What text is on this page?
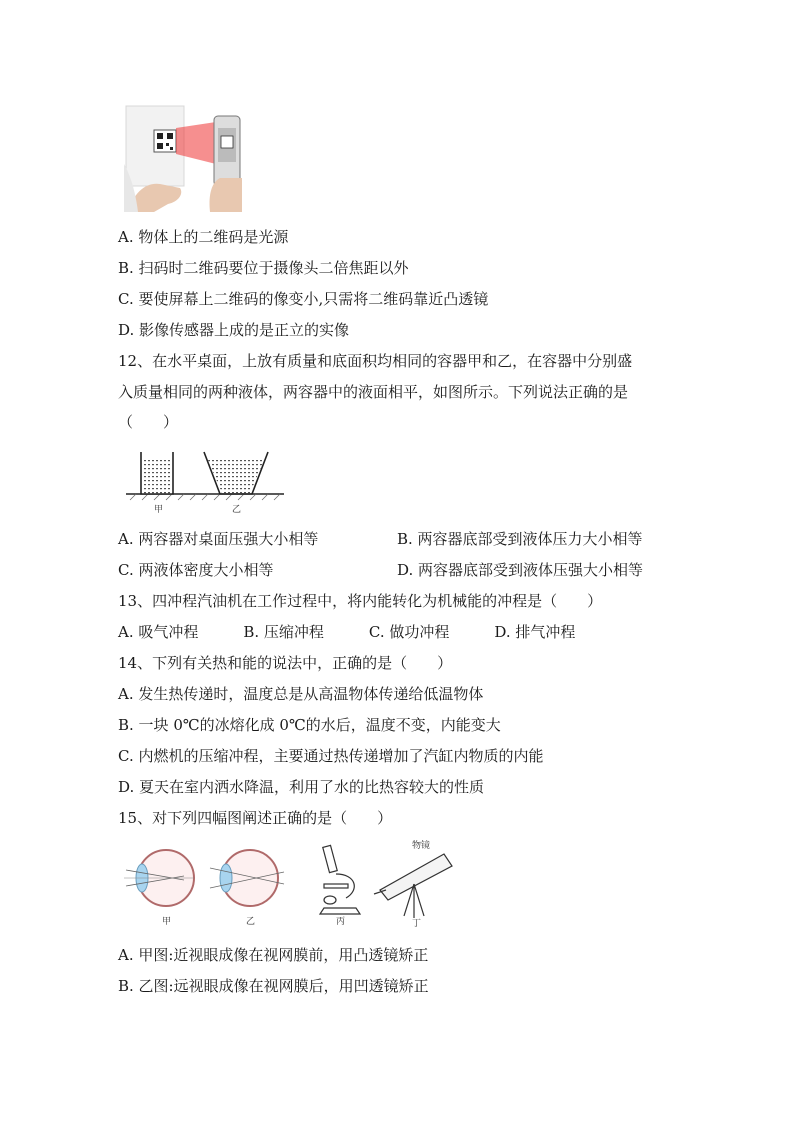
A. 物体上的二维码是光源
B. 扫码时二维码要位于摄像头二倍焦距以外
C. 要使屏幕上二维码的像变小,只需将二维码靠近凸透镜
D. 影像传感器上成的是正立的实像
12、在水平桌面，上放有质量和底面积均相同的容器甲和乙，在容器中分别盛
入质量相同的两种液体，两容器中的液面相平，如图所示。下列说法正确的是
（　　）
甲	乙
A. 两容器对桌面压强大小相等	B. 两容器底部受到液体压力大小相等
C. 两液体密度大小相等	D. 两容器底部受到液体压强大小相等
13、四冲程汽油机在工作过程中，将内能转化为机械能的冲程是（　　）
A. 吸气冲程　　　B. 压缩冲程　　　C. 做功冲程　　　D. 排气冲程
14、下列有关热和能的说法中，正确的是（　　）
A. 发生热传递时，温度总是从高温物体传递给低温物体
B. 一块 0℃的冰熔化成 0℃的水后，温度不变，内能变大
C. 内燃机的压缩冲程，主要通过热传递增加了汽缸内物质的内能
D. 夏天在室内洒水降温，利用了水的比热容较大的性质
15、对下列四幅图阐述正确的是（　　）
甲	乙	丙
物镜
丁
A. 甲图:近视眼成像在视网膜前，用凸透镜矫正
B. 乙图:远视眼成像在视网膜后，用凹透镜矫正
